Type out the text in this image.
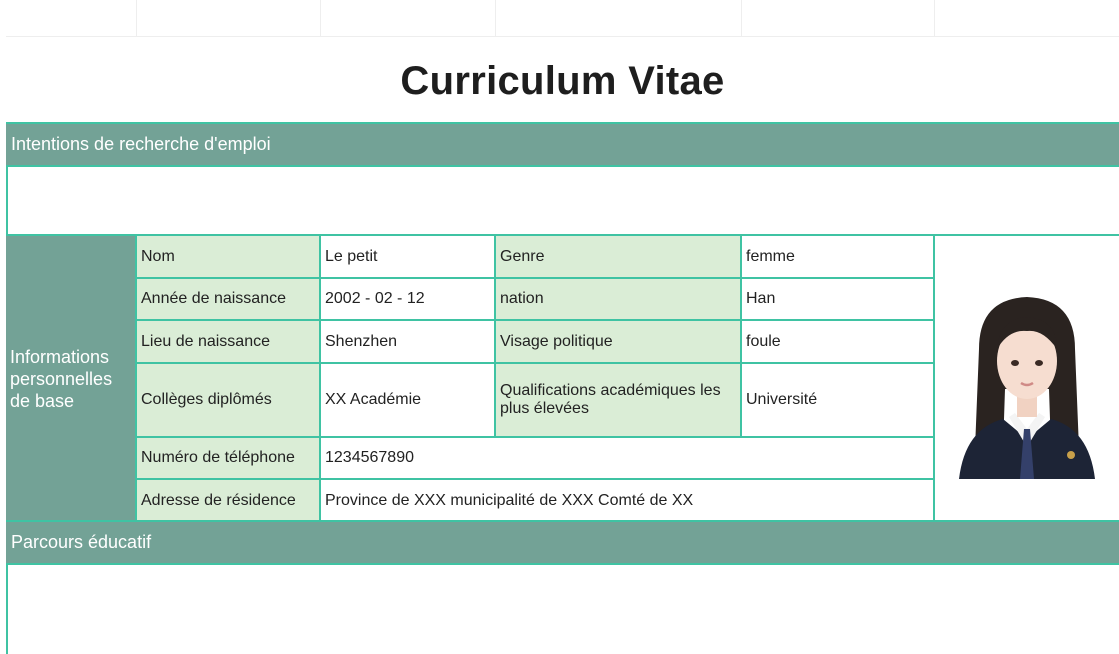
Curriculum Vitae
Intentions de recherche d'emploi
Informations personnelles de base	Nom	Le petit	Genre	femme	

	Année de naissance	2002 - 02 - 12	nation	Han	
	Lieu de naissance	Shenzhen	Visage politique	foule	
	Collèges diplômés	XX Académie	Qualifications académiques les plus élevées	Université	
	Numéro de téléphone	1234567890			
	Adresse de résidence	Province de XXX municipalité de XXX Comté de XX			
Parcours éducatif
